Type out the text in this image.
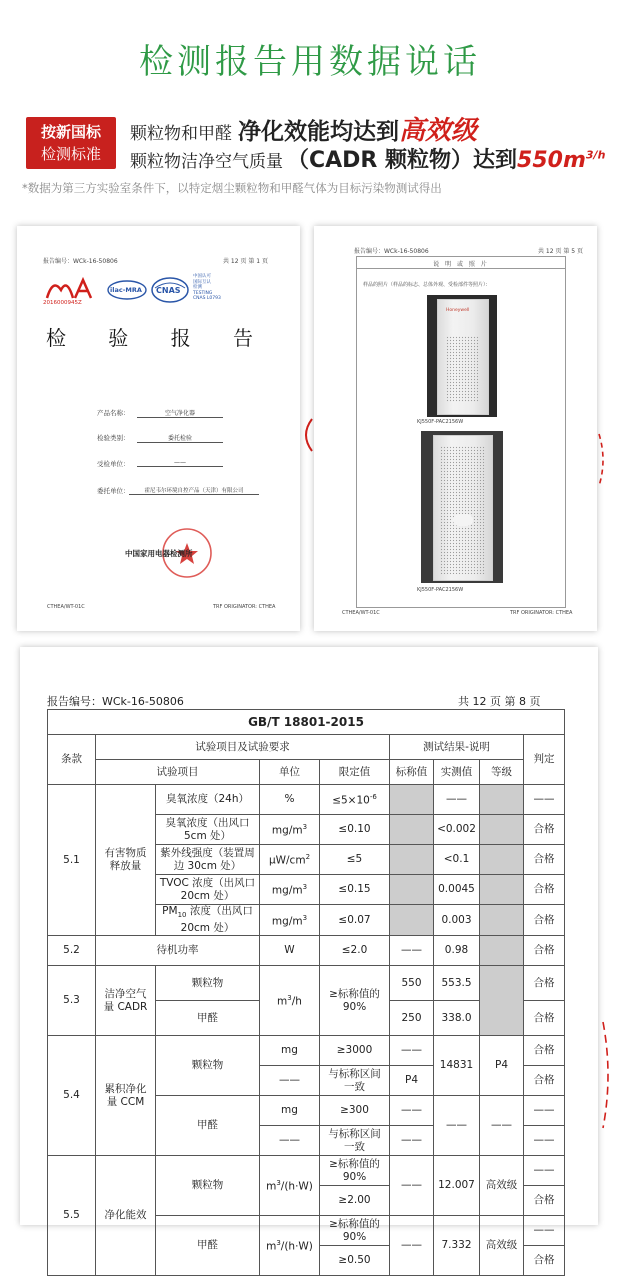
检测报告用数据说话
按新国标
检测标准
颗粒物和甲醛 净化效能均达到高效级
颗粒物洁净空气质量 （CADR 颗粒物）达到$550m^{3/h}$
*数据为第三方实验室条件下，以特定烟尘颗粒物和甲醛气体为目标污染物测试得出
报告编号：WCk-16-50806	共 12 页 第 1 页
2016000945Z
ilac-MRA CNAS
中国认可
国际互认
检测
TESTING
CNAS L0793
检 验 报 告
产品名称：	空气净化器
检验类别：	委托检验
受检单位：	——
委托单位：	霍尼韦尔环境自控产品（天津）有限公司
中国家用电器检测所
CTHEA/WT-01C	TRF ORIGINATOR: CTHEA
报告编号：WCk-16-50806	共 12 页 第 5 页
说 明 或 照 片
样品的照片（样品的标志、总体外观、受检部件等照片）：
Honeywell
KJ550F-PAC2156W
KJ550F-PAC2156W
CTHEA/WT-01C	TRF ORIGINATOR: CTHEA
报告编号：WCk-16-50806	共 12 页 第 8 页
GB/T 18801-2015								
条款	试验项目及试验要求				测试结果-说明			判定
	试验项目		单位	限定值	标称值	实测值	等级	
5.1	有害物质释放量	臭氧浓度（24h）	%	$\le 5\times 10^{-6}$		——		——
		臭氧浓度（出风口 5cm 处）	$mg/m^3$	≤0.10		<0.002		合格
		紫外线强度（装置周边 30cm 处）	$\mu W/cm^2$	≤5		<0.1		合格
		TVOC 浓度（出风口 20cm 处）	$mg/m^3$	≤0.15		0.0045		合格
		$PM_{10}$ 浓度（出风口 20cm 处）	$mg/m^3$	≤0.07		0.003		合格
5.2	待机功率		W	≤2.0	——	0.98		合格
5.3	洁净空气量 CADR	颗粒物	$m^3/h$	≥标称值的 90%	550	553.5		合格
		甲醛			250	338.0		合格
5.4	累积净化量 CCM	颗粒物	mg	≥3000	——	14831	P4	合格
			——	与标称区间一致	P4			合格
		甲醛	mg	≥300	——	——	——	——
			——	与标称区间一致	——			——
5.5	净化能效	颗粒物	$m^3/(h\cdot W)$	≥标称值的 90%	——	12.007	高效级	——
				≥2.00				合格
		甲醛	$m^3/(h\cdot W)$	≥标称值的 90%	——	7.332	高效级	——
				≥0.50				合格
